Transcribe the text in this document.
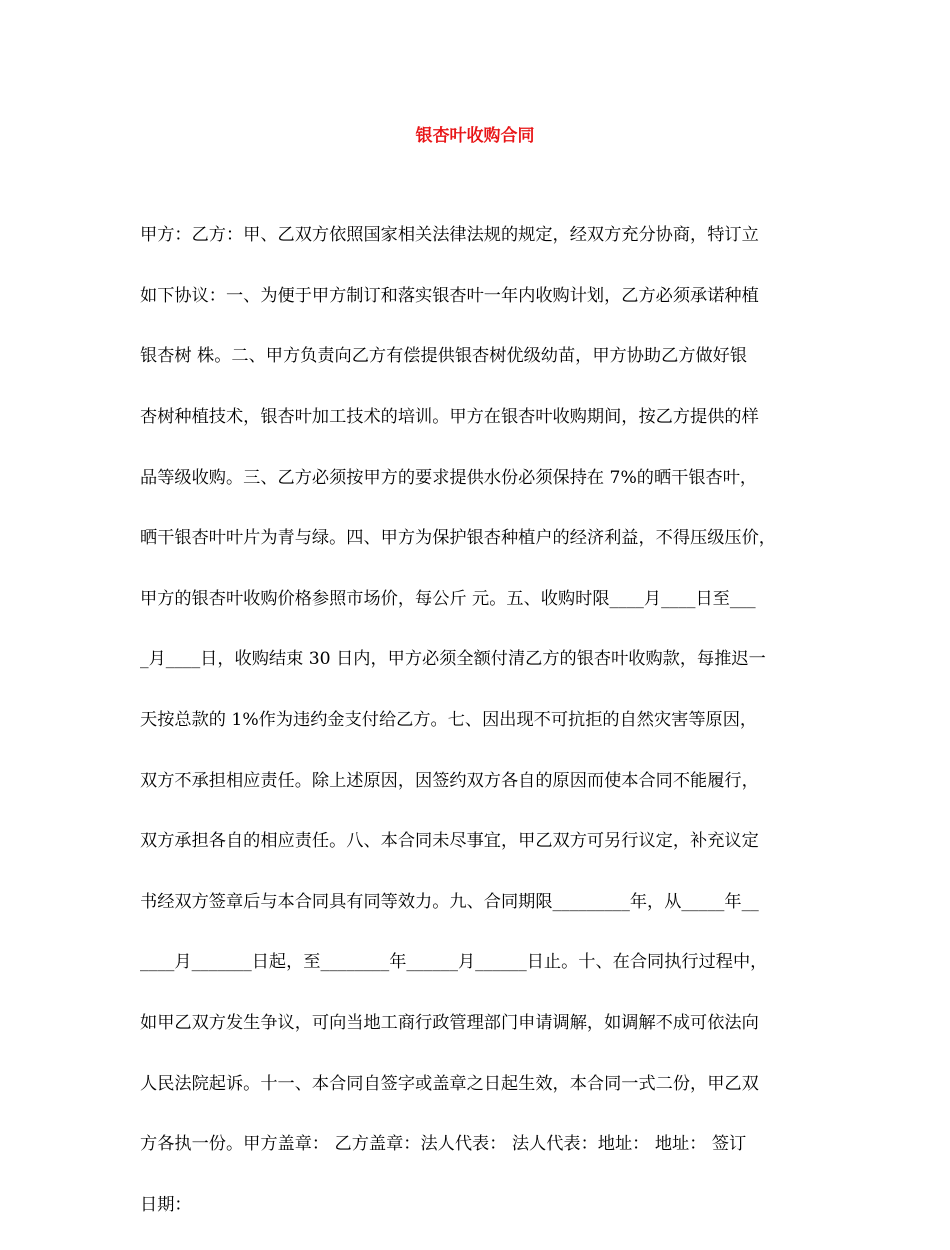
银杏叶收购合同

甲方：乙方：甲、乙双方依照国家相关法律法规的规定，经双方充分协商，特订立

如下协议：一、为便于甲方制订和落实银杏叶一年内收购计划，乙方必须承诺种植

银杏树 株。二、甲方负责向乙方有偿提供银杏树优级幼苗，甲方协助乙方做好银

杏树种植技术，银杏叶加工技术的培训。甲方在银杏叶收购期间，按乙方提供的样

品等级收购。三、乙方必须按甲方的要求提供水份必须保持在 7%的晒干银杏叶，

晒干银杏叶叶片为青与绿。四、甲方为保护银杏种植户的经济利益，不得压级压价，

甲方的银杏叶收购价格参照市场价，每公斤 元。五、收购时限____月____日至___

_月____日，收购结束 30 日内，甲方必须全额付清乙方的银杏叶收购款，每推迟一

天按总款的 1%作为违约金支付给乙方。七、因出现不可抗拒的自然灾害等原因，

双方不承担相应责任。除上述原因，因签约双方各自的原因而使本合同不能履行，

双方承担各自的相应责任。八、本合同未尽事宜，甲乙双方可另行议定，补充议定

书经双方签章后与本合同具有同等效力。九、合同期限_________年，从_____年__

____月_______日起，至________年______月______日止。十、在合同执行过程中，

如甲乙双方发生争议，可向当地工商行政管理部门申请调解，如调解不成可依法向

人民法院起诉。十一、本合同自签字或盖章之日起生效，本合同一式二份，甲乙双

方各执一份。甲方盖章： 乙方盖章：法人代表： 法人代表：地址： 地址： 签订

日期：
